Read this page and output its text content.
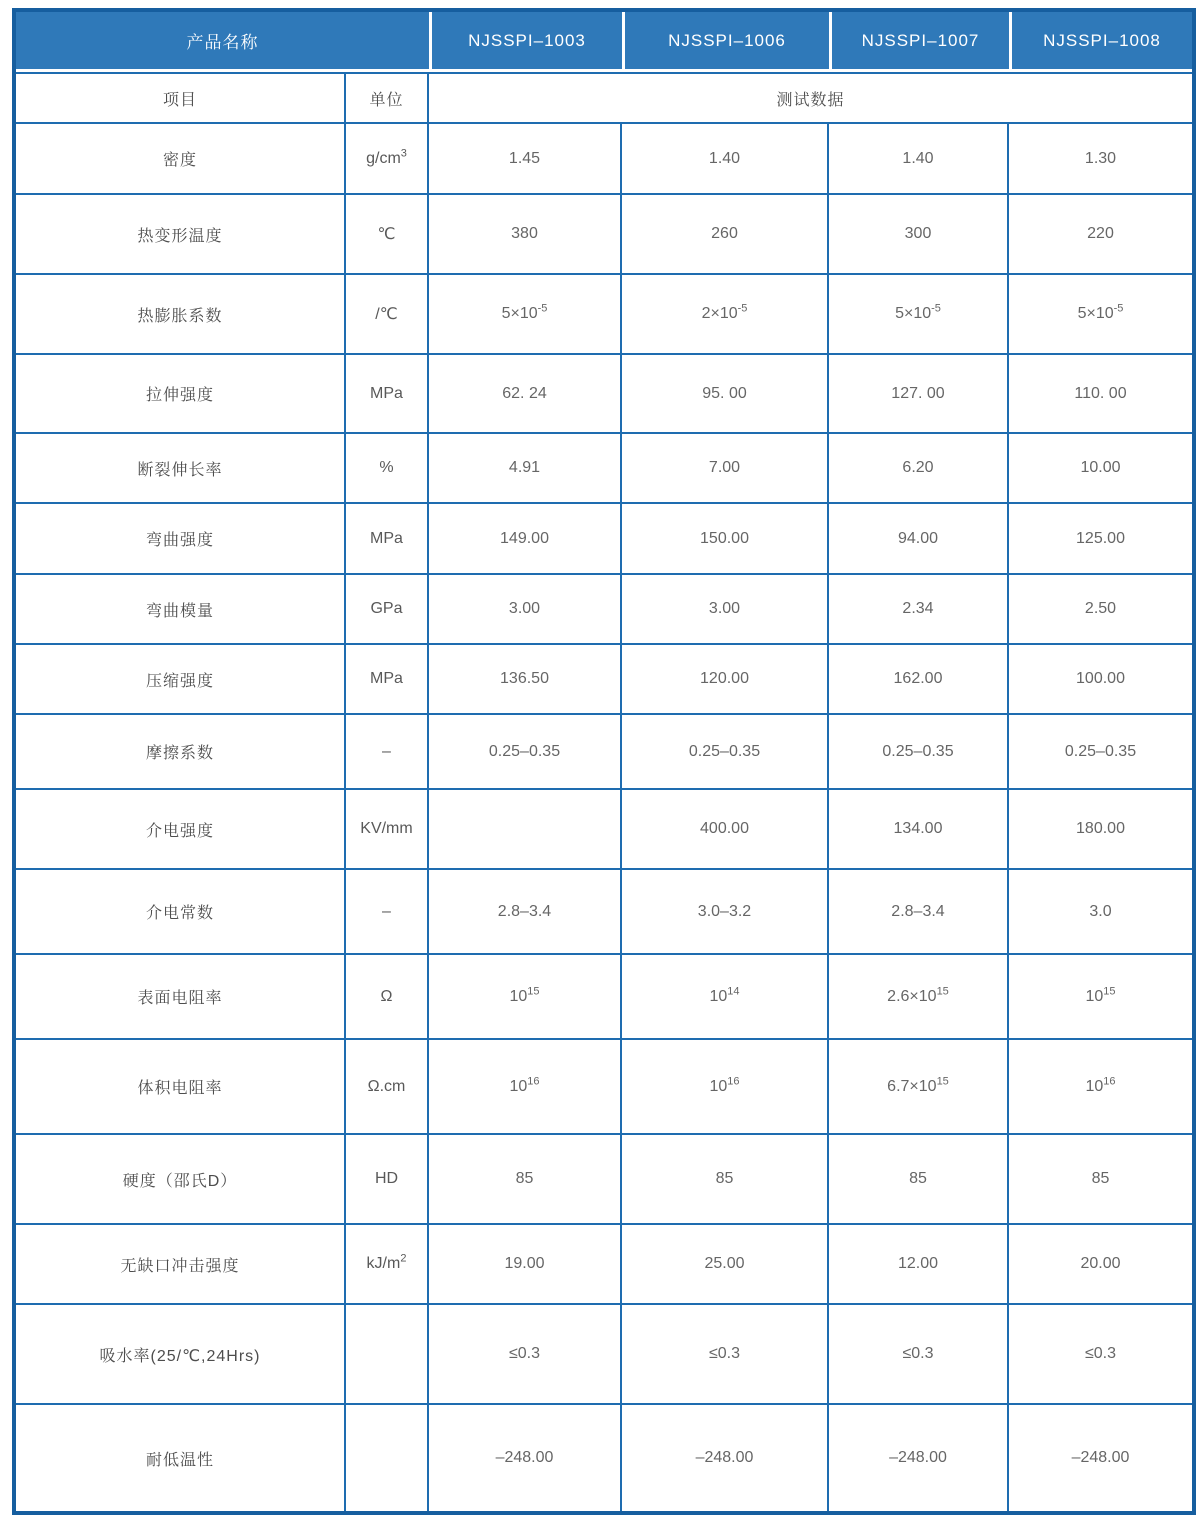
产品名称		NJSSPI–1003	NJSSPI–1006	NJSSPI–1007	NJSSPI–1008
项目	单位	测试数据			
密度	$g/cm^3$	1.45	1.40	1.40	1.30
热变形温度	℃	380	260	300	220
热膨胀系数	/℃	$5\times 10^{-5}$	$2\times 10^{-5}$	$5\times 10^{-5}$	$5\times 10^{-5}$
拉伸强度	MPa	62. 24	95. 00	127. 00	110. 00
断裂伸长率	%	4.91	7.00	6.20	10.00
弯曲强度	MPa	149.00	150.00	94.00	125.00
弯曲模量	GPa	3.00	3.00	2.34	2.50
压缩强度	MPa	136.50	120.00	162.00	100.00
摩擦系数	–	0.25–0.35	0.25–0.35	0.25–0.35	0.25–0.35
介电强度	KV/mm		400.00	134.00	180.00
介电常数	–	2.8–3.4	3.0–3.2	2.8–3.4	3.0
表面电阻率	Ω	$10^{15}$	$10^{14}$	$2.6\times 10^{15}$	$10^{15}$
体积电阻率	Ω.cm	$10^{16}$	$10^{16}$	$6.7\times 10^{15}$	$10^{16}$
硬度（邵氏D）	HD	85	85	85	85
无缺口冲击强度	$kJ/m^2$	19.00	25.00	12.00	20.00
吸水率(25/℃,24Hrs)		≤0.3	≤0.3	≤0.3	≤0.3
耐低温性		–248.00	–248.00	–248.00	–248.00
